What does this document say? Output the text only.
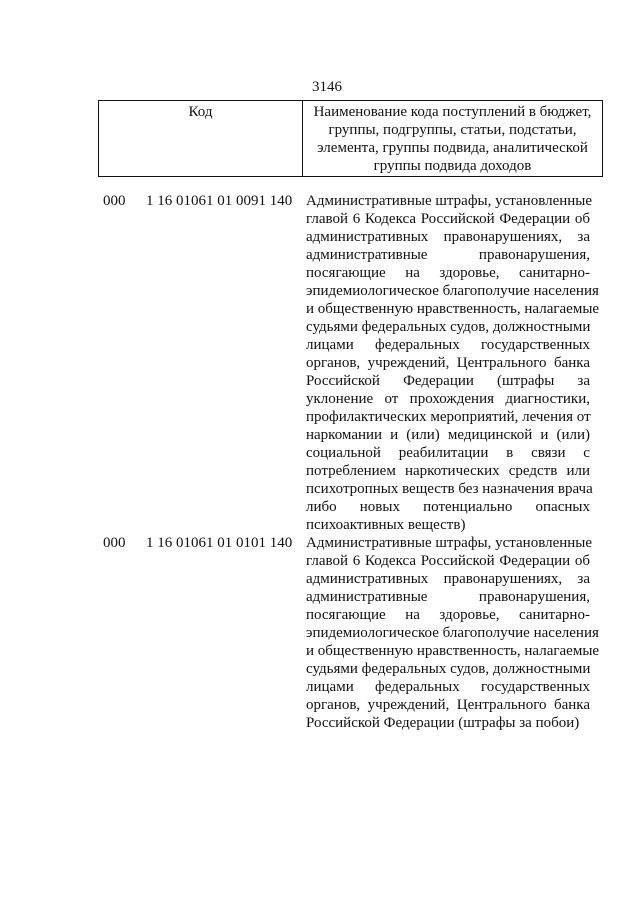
3146
Код	Наименование кода поступлений в бюджет,
группы, подгруппы, статьи, подстатьи,
элемента, группы подвида, аналитической
группы подвида доходов
000	1 16 01061 01 0091 140 Административные штрафы, установленные
главой 6 Кодекса Российской Федерации об
административных правонарушениях, за
административные	правонарушения,
посягающие на здоровье, санитарно-
эпидемиологическое благополучие населения
и общественную нравственность, налагаемые
судьями федеральных судов, должностными
лицами федеральных государственных
органов, учреждений, Центрального банка
Российской Федерации (штрафы за
уклонение от прохождения диагностики,
профилактических мероприятий, лечения от
наркомании и (или) медицинской и (или)
социальной реабилитации в связи с
потреблением наркотических средств или
психотропных веществ без назначения врача
либо новых потенциально опасных
психоактивных веществ)
000	1 16 01061 01 0101 140 Административные штрафы, установленные
главой 6 Кодекса Российской Федерации об
административных правонарушениях, за
административные	правонарушения,
посягающие на здоровье, санитарно-
эпидемиологическое благополучие населения
и общественную нравственность, налагаемые
судьями федеральных судов, должностными
лицами федеральных государственных
органов, учреждений, Центрального банка
Российской Федерации (штрафы за побои)
